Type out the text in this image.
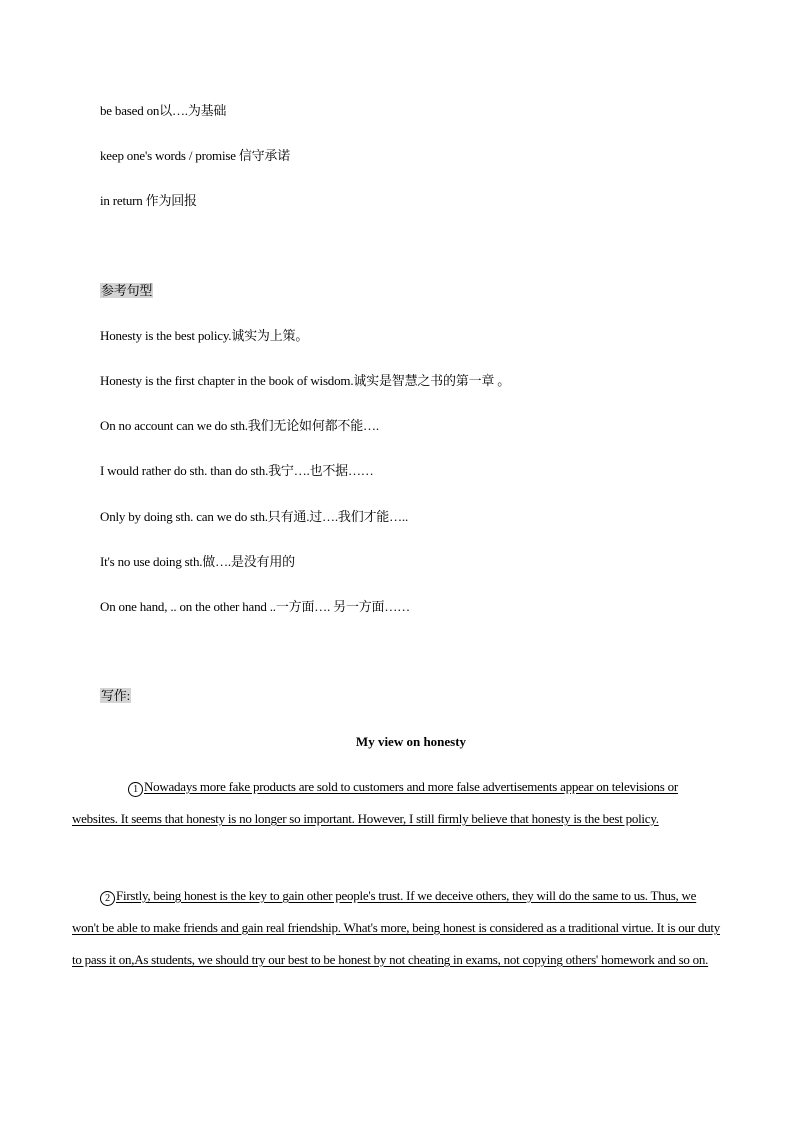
be based on以….为基础
keep one's words / promise 信守承诺
in return 作为回报
参考句型
Honesty is the best policy.诚实为上策。
Honesty is the first chapter in the book of wisdom.诚实是智慧之书的第一章 。
On no account can we do sth.我们无论如何都不能….
I would rather do sth. than do sth.我宁….也不据……
Only by doing sth. can we do sth.只有通.过….我们才能…..
It's no use doing sth.做….是没有用的
On one hand, .. on the other hand ..一方面…. 另一方面……
写作:
My view on honesty

1 Nowadays more fake products are sold to customers and more false advertisements appear on televisions or websites. It seems that honesty is no longer so important. However, I still firmly believe that honesty is the best policy.

2 Firstly, being honest is the key to gain other people's trust. If we deceive others, they will do the same to us. Thus, we won't be able to make friends and gain real friendship. What's more, being honest is considered as a traditional virtue. It is our duty to pass it on,As students, we should try our best to be honest by not cheating in exams, not copying others' homework and so on.
